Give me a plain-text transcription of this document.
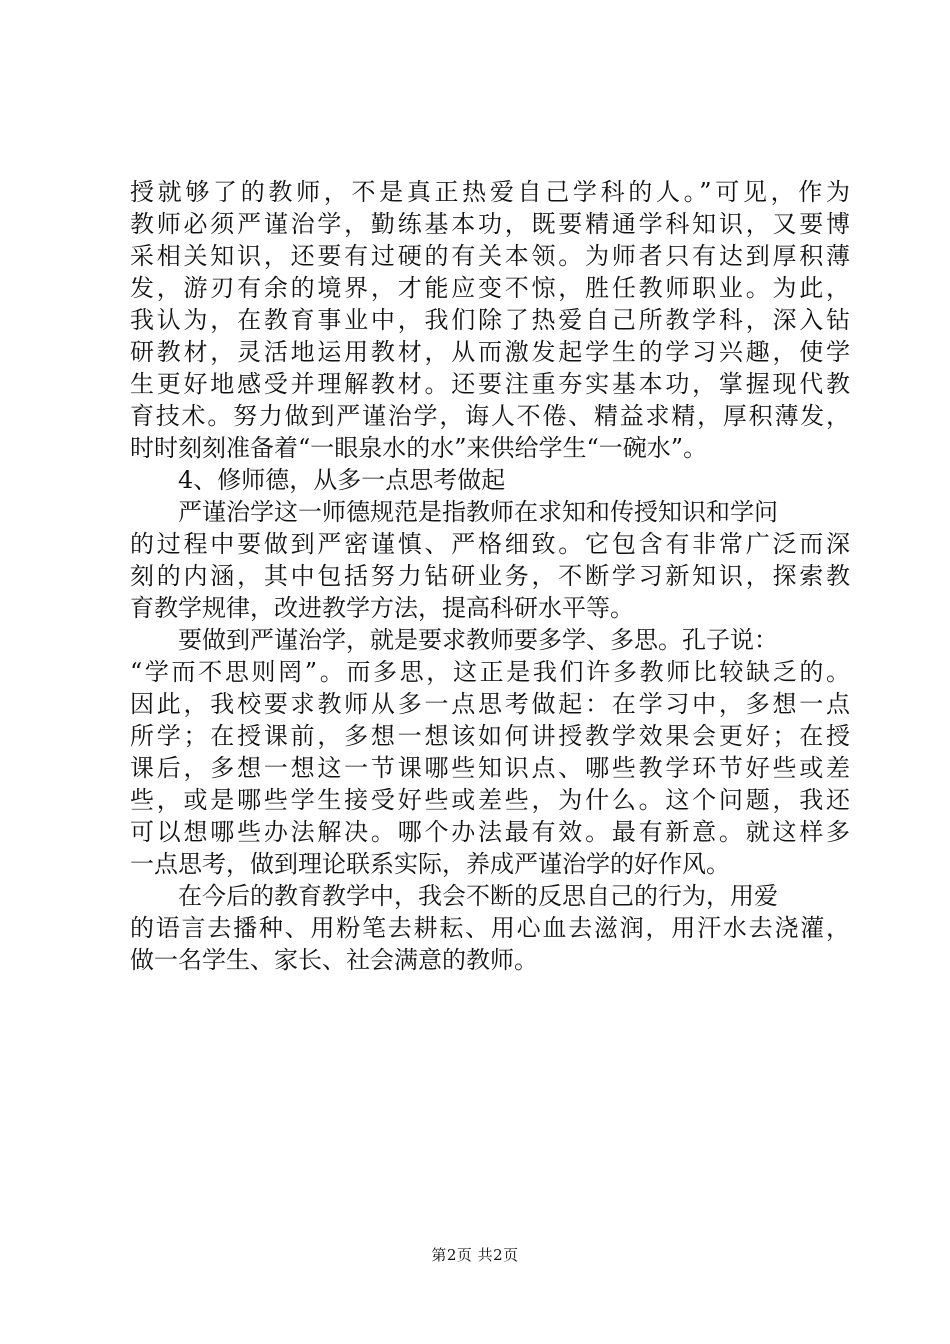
授就够了的教师，不是真正热爱自己学科的人。”可见，作为
教师必须严谨治学，勤练基本功，既要精通学科知识，又要博
采相关知识，还要有过硬的有关本领。为师者只有达到厚积薄
发，游刃有余的境界，才能应变不惊，胜任教师职业。为此，
我认为，在教育事业中，我们除了热爱自己所教学科，深入钻
研教材，灵活地运用教材，从而激发起学生的学习兴趣，使学
生更好地感受并理解教材。还要注重夯实基本功，掌握现代教
育技术。努力做到严谨治学，诲人不倦、精益求精，厚积薄发，
时时刻刻准备着“一眼泉水的水”来供给学生“一碗水”。
4、修师德，从多一点思考做起
严谨治学这一师德规范是指教师在求知和传授知识和学问
的过程中要做到严密谨慎、严格细致。它包含有非常广泛而深
刻的内涵，其中包括努力钻研业务，不断学习新知识，探索教
育教学规律，改进教学方法，提高科研水平等。
要做到严谨治学，就是要求教师要多学、多思。孔子说：
“学而不思则罔”。而多思，这正是我们许多教师比较缺乏的。
因此，我校要求教师从多一点思考做起：在学习中，多想一点
所学；在授课前，多想一想该如何讲授教学效果会更好；在授
课后，多想一想这一节课哪些知识点、哪些教学环节好些或差
些，或是哪些学生接受好些或差些，为什么。这个问题，我还
可以想哪些办法解决。哪个办法最有效。最有新意。就这样多
一点思考，做到理论联系实际，养成严谨治学的好作风。
在今后的教育教学中，我会不断的反思自己的行为，用爱
的语言去播种、用粉笔去耕耘、用心血去滋润，用汗水去浇灌，
做一名学生、家长、社会满意的教师。
第2页 共2页
